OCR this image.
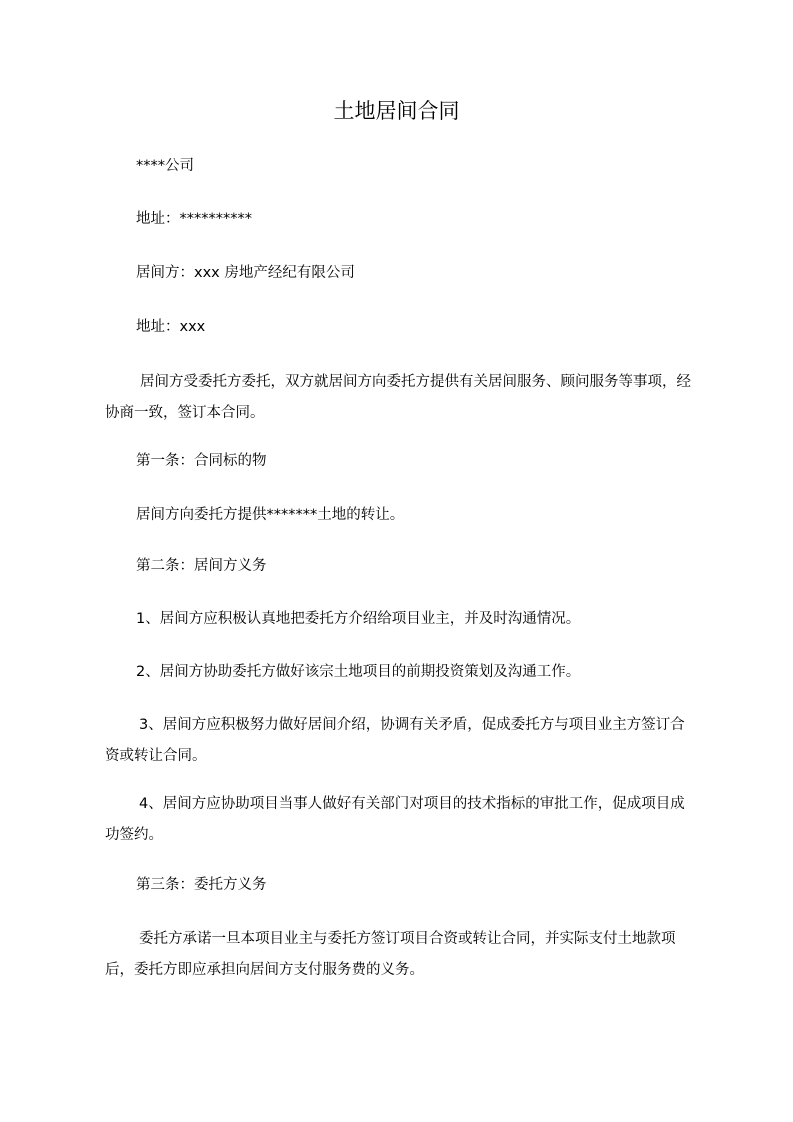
土地居间合同
****公司
地址：**********
居间方：xxx 房地产经纪有限公司
地址：xxx
居间方受委托方委托，双方就居间方向委托方提供有关居间服务、顾问服务等事项，经协商一致，签订本合同。
第一条：合同标的物
居间方向委托方提供*******土地的转让。
第二条：居间方义务
1、居间方应积极认真地把委托方介绍给项目业主，并及时沟通情况。
2、居间方协助委托方做好该宗土地项目的前期投资策划及沟通工作。
3、居间方应积极努力做好居间介绍，协调有关矛盾，促成委托方与项目业主方签订合资或转让合同。
4、居间方应协助项目当事人做好有关部门对项目的技术指标的审批工作，促成项目成功签约。
第三条：委托方义务
委托方承诺一旦本项目业主与委托方签订项目合资或转让合同，并实际支付土地款项后，委托方即应承担向居间方支付服务费的义务。
